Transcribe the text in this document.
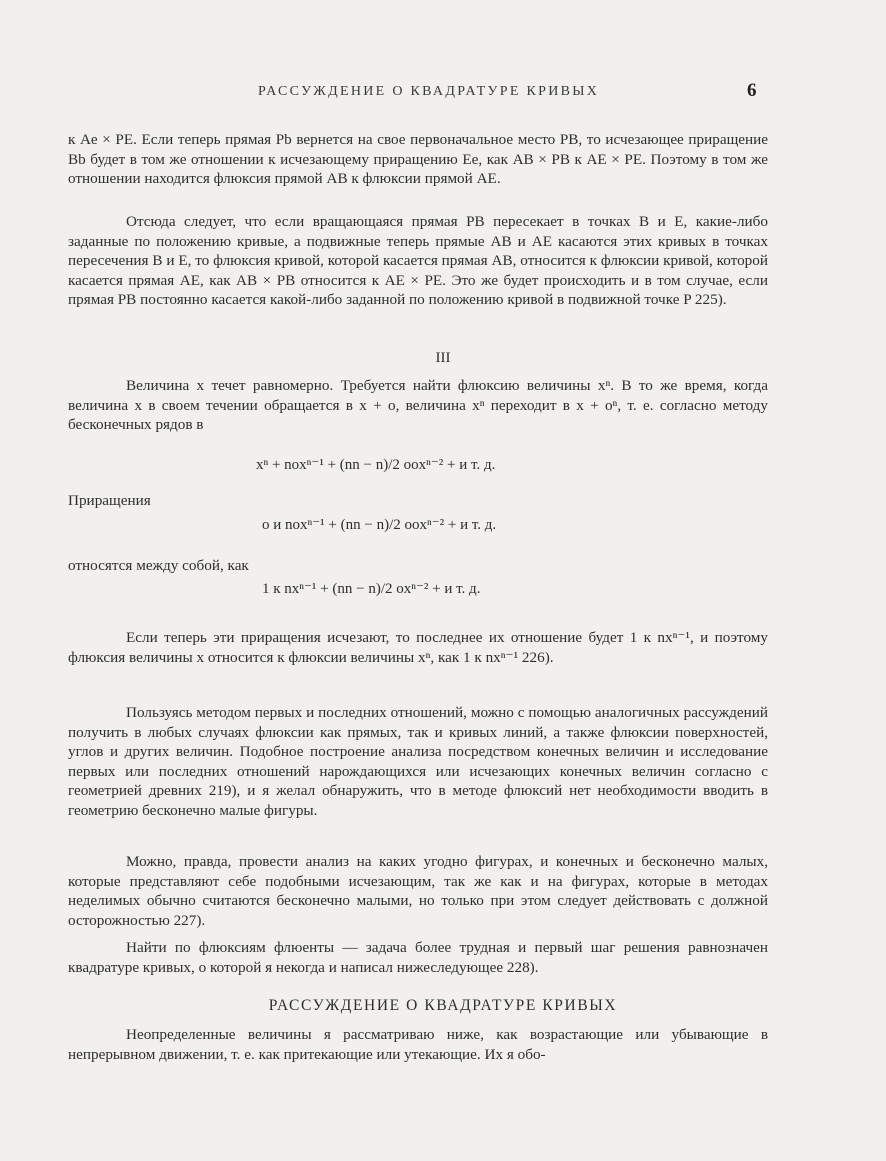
РАССУЖДЕНИЕ О КВАДРАТУРЕ КРИВЫХ	6

к Ae × PE. Если теперь прямая Pb вернется на свое первоначальное место PB, то исчезающее приращение Bb будет в том же отношении к исчезающему приращению Ee, как AB × PB к AE × PE. Поэтому в том же отношении находится флюксия прямой AB к флюксии прямой AE.

Отсюда следует, что если вращающаяся прямая PB пересекает в точках B и E, какие-либо заданные по положению кривые, а подвижные теперь прямые AB и AE касаются этих кривых в точках пересечения B и E, то флюксия кривой, которой касается прямая AB, относится к флюксии кривой, которой касается прямая AE, как AB × PB относится к AE × PE. Это же будет происходить и в том случае, если прямая PB постоянно касается какой-либо заданной по положению кривой в подвижной точке P 225).

III

Величина x течет равномерно. Требуется найти флюксию величины xⁿ. В то же время, когда величина x в своем течении обращается в x + o, величина xⁿ переходит в x + oⁿ, т. е. согласно методу бесконечных рядов в

xⁿ + noxⁿ⁻¹ + (nn − n)/2 ooxⁿ⁻² + и т. д.
Приращения
o и noxⁿ⁻¹ + (nn − n)/2 ooxⁿ⁻² + и т. д.
относятся между собой, как
1 к nxⁿ⁻¹ + (nn − n)/2 oxⁿ⁻² + и т. д.

Если теперь эти приращения исчезают, то последнее их отношение будет 1 к nxⁿ⁻¹, и поэтому флюксия величины x относится к флюксии величины xⁿ, как 1 к nxⁿ⁻¹ 226).

Пользуясь методом первых и последних отношений, можно с помощью аналогичных рассуждений получить в любых случаях флюксии как прямых, так и кривых линий, а также флюксии поверхностей, углов и других величин. Подобное построение анализа посредством конечных величин и исследование первых или последних отношений нарождающихся или исчезающих конечных величин согласно с геометрией древних 219), и я желал обнаружить, что в методе флюксий нет необходимости вводить в геометрию бесконечно малые фигуры.

Можно, правда, провести анализ на каких угодно фигурах, и конечных и бесконечно малых, которые представляют себе подобными исчезающим, так же как и на фигурах, которые в методах неделимых обычно считаются бесконечно малыми, но только при этом следует действовать с должной осторожностью 227).

Найти по флюксиям флюенты — задача более трудная и первый шаг решения равнозначен квадратуре кривых, о которой я некогда и написал нижеследующее 228).

РАССУЖДЕНИЕ О КВАДРАТУРЕ КРИВЫХ

Неопределенные величины я рассматриваю ниже, как возрастающие или убывающие в непрерывном движении, т. е. как притекающие или утекающие. Их я обо-
